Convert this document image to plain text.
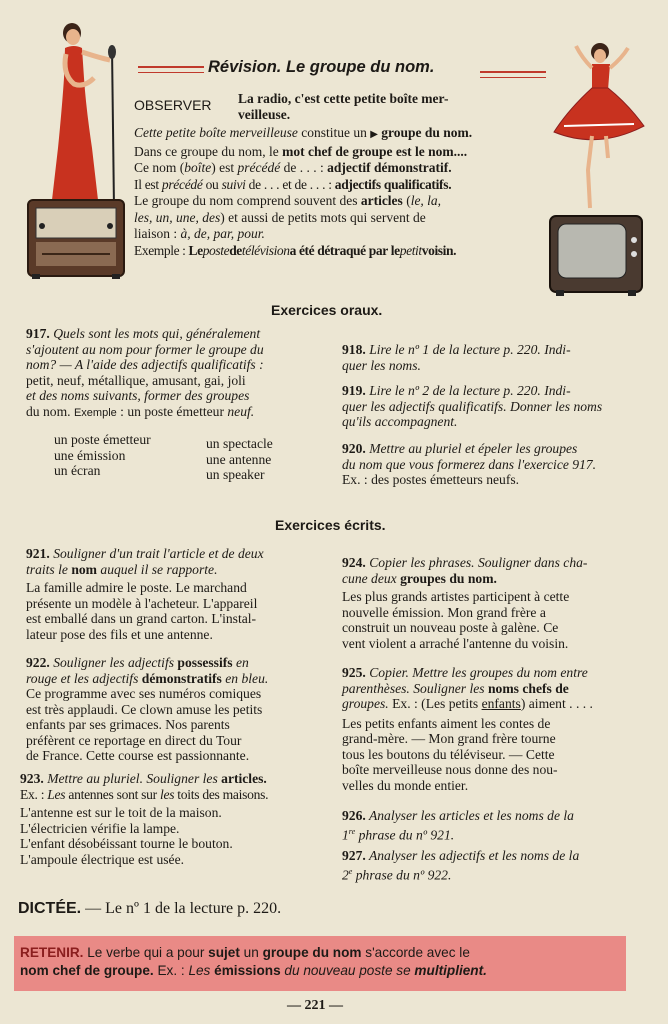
Révision. Le groupe du nom.
OBSERVER La radio, c'est cette petite boîte mer-
veilleuse.
Cette petite boîte merveilleuse constitue un ▶ groupe du nom.
Dans ce groupe du nom, le mot chef de groupe est le nom....
Ce nom (boîte) est précédé de . . . : adjectif démonstratif.
Il est précédé ou suivi de . . . et de . . . : adjectifs qualificatifs.
Le groupe du nom comprend souvent des articles (le, la,
les, un, une, des) et aussi de petits mots qui servent de
liaison : à, de, par, pour.
Exemple : Lepostedetélévisiona été détraqué par lepetitvoisin.
Exercices oraux.

917. Quels sont les mots qui, généralement

s'ajoutent au nom pour former le groupe du

nom? — A l'aide des adjectifs qualificatifs :

petit, neuf, métallique, amusant, gai, joli

et des noms suivants, former des groupes

du nom. Exemple : un poste émetteur neuf.

un poste émetteur

une émission

un écran

un spectacle

une antenne

un speaker

918. Lire le nº 1 de la lecture p. 220. Indi-

quer les noms.

919. Lire le nº 2 de la lecture p. 220. Indi-

quer les adjectifs qualificatifs. Donner les noms

qu'ils accompagnent.

920. Mettre au pluriel et épeler les groupes

du nom que vous formerez dans l'exercice 917.

Ex. : des postes émetteurs neufs.

Exercices écrits.

921. Souligner d'un trait l'article et de deux

traits le nom auquel il se rapporte.

La famille admire le poste. Le marchand

présente un modèle à l'acheteur. L'appareil

est emballé dans un grand carton. L'instal-

lateur pose des fils et une antenne.

922. Souligner les adjectifs possessifs en

rouge et les adjectifs démonstratifs en bleu.

Ce programme avec ses numéros comiques

est très applaudi. Ce clown amuse les petits

enfants par ses grimaces. Nos parents

préfèrent ce reportage en direct du Tour

de France. Cette course est passionnante.

923. Mettre au pluriel. Souligner les articles.

Ex. : Les antennes sont sur les toits des maisons.

L'antenne est sur le toit de la maison.

L'électricien vérifie la lampe.

L'enfant désobéissant tourne le bouton.

L'ampoule électrique est usée.

924. Copier les phrases. Souligner dans cha-

cune deux groupes du nom.

Les plus grands artistes participent à cette

nouvelle émission. Mon grand frère a

construit un nouveau poste à galène. Ce

vent violent a arraché l'antenne du voisin.

925. Copier. Mettre les groupes du nom entre

parenthèses. Souligner les noms chefs de

groupes. Ex. : (Les petits enfants) aiment . . . .

Les petits enfants aiment les contes de

grand-mère. — Mon grand frère tourne

tous les boutons du téléviseur. — Cette

boîte merveilleuse nous donne des nou-

velles du monde entier.

926. Analyser les articles et les noms de la

1re phrase du nº 921.

927. Analyser les adjectifs et les noms de la

2e phrase du nº 922.

DICTÉE. — Le nº 1 de la lecture p. 220.
RETENIR. Le verbe qui a pour sujet un groupe du nom s'accorde avec le
nom chef de groupe. Ex. : Les émissions du nouveau poste se multiplient.
— 221 —
